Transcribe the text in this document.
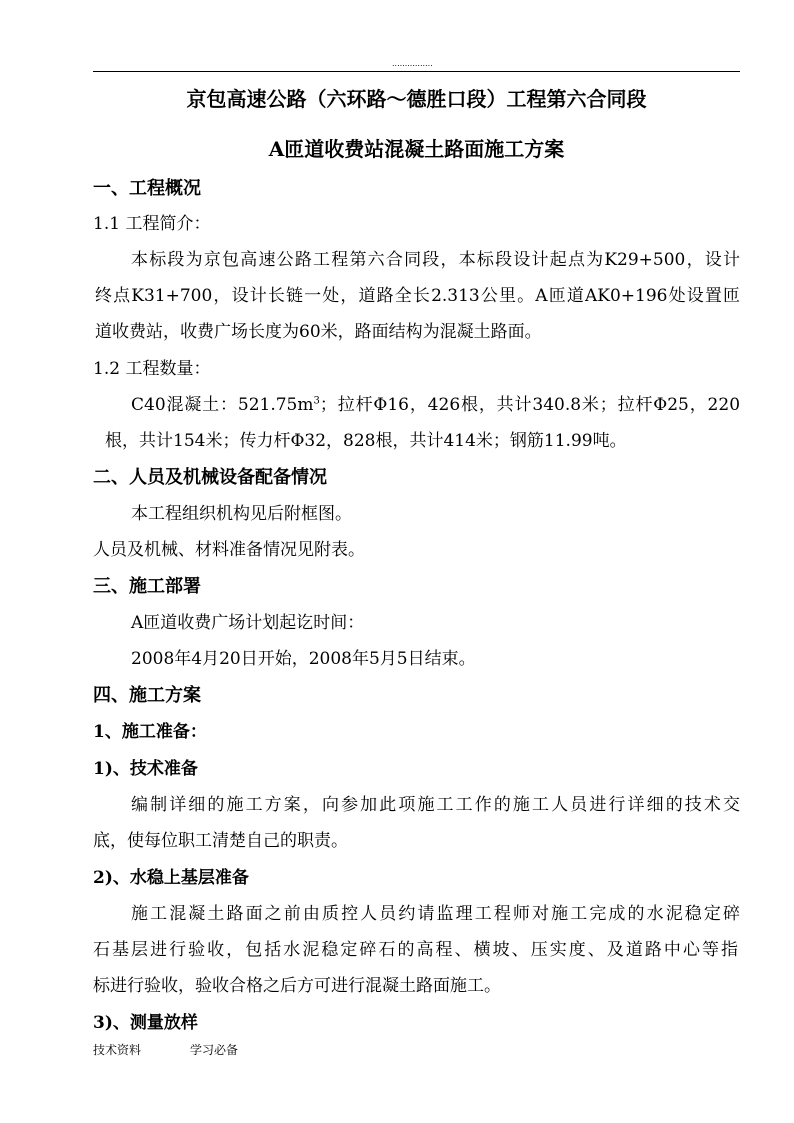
................
京包高速公路（六环路～德胜口段）工程第六合同段
A匝道收费站混凝土路面施工方案
一、工程概况
1.1 工程简介：
本标段为京包高速公路工程第六合同段，本标段设计起点为K29+500，设计
终点K31+700，设计长链一处，道路全长2.313公里。A匝道AK0+196处设置匝
道收费站，收费广场长度为60米，路面结构为混凝土路面。
1.2 工程数量：
C40混凝土：$521.75m^3$；拉杆Φ16，426根，共计340.8米；拉杆Φ25，220
根，共计154米；传力杆Φ32，828根，共计414米；钢筋11.99吨。
二、人员及机械设备配备情况
本工程组织机构见后附框图。
人员及机械、材料准备情况见附表。
三、施工部署
A匝道收费广场计划起讫时间：
2008年4月20日开始，2008年5月5日结束。
四、施工方案
1、施工准备：
1)、技术准备
编制详细的施工方案，向参加此项施工工作的施工人员进行详细的技术交
底，使每位职工清楚自己的职责。
2)、水稳上基层准备
施工混凝土路面之前由质控人员约请监理工程师对施工完成的水泥稳定碎
石基层进行验收，包括水泥稳定碎石的高程、横坡、压实度、及道路中心等指
标进行验收，验收合格之后方可进行混凝土路面施工。
3)、测量放样
技术资料	学习必备
